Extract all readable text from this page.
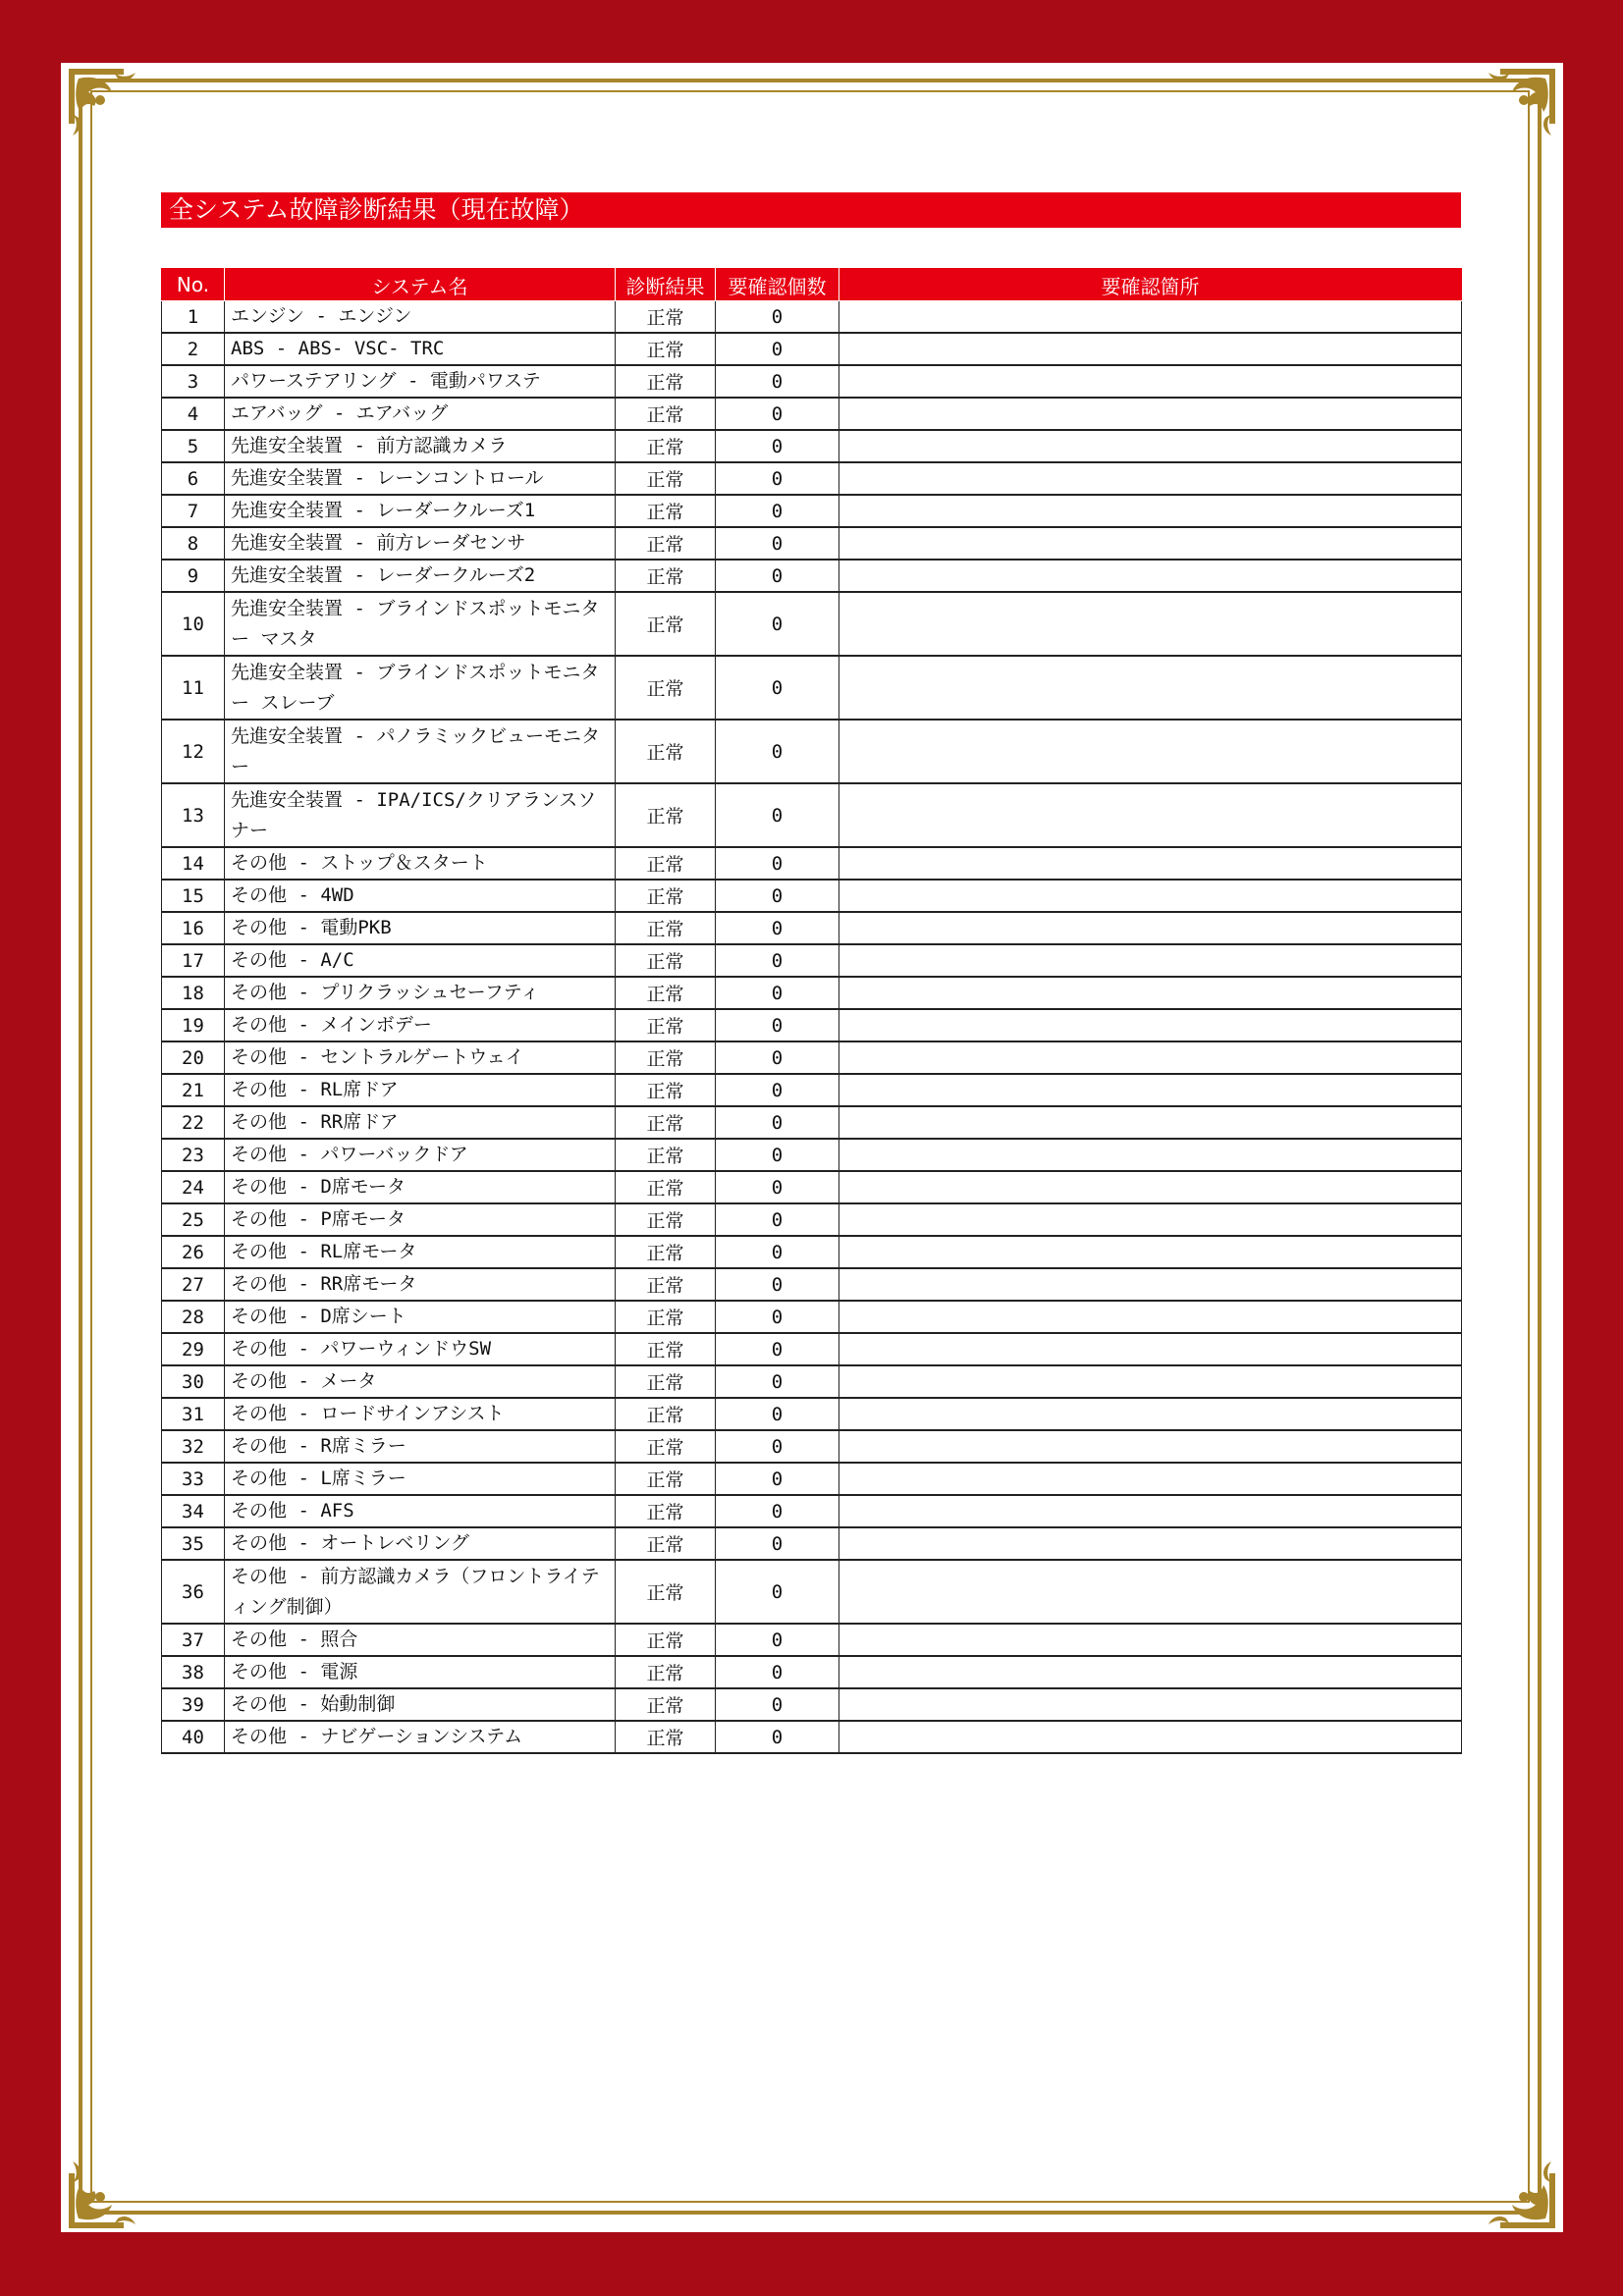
全システム故障診断結果（現在故障）
No.	システム名	診断結果	要確認個数	要確認箇所
1	エンジン - エンジン	正常	0	
2	ABS - ABS- VSC- TRC	正常	0	
3	パワーステアリング - 電動パワステ	正常	0	
4	エアバッグ - エアバッグ	正常	0	
5	先進安全装置 - 前方認識カメラ	正常	0	
6	先進安全装置 - レーンコントロール	正常	0	
7	先進安全装置 - レーダークルーズ1	正常	0	
8	先進安全装置 - 前方レーダセンサ	正常	0	
9	先進安全装置 - レーダークルーズ2	正常	0	
10	先進安全装置 - ブラインドスポットモニター マスタ	正常	0	
11	先進安全装置 - ブラインドスポットモニター スレーブ	正常	0	
12	先進安全装置 - パノラミックビューモニター	正常	0	
13	先進安全装置 - IPA/ICS/クリアランスソナー	正常	0	
14	その他 - ストップ＆スタート	正常	0	
15	その他 - 4WD	正常	0	
16	その他 - 電動PKB	正常	0	
17	その他 - A/C	正常	0	
18	その他 - プリクラッシュセーフティ	正常	0	
19	その他 - メインボデー	正常	0	
20	その他 - セントラルゲートウェイ	正常	0	
21	その他 - RL席ドア	正常	0	
22	その他 - RR席ドア	正常	0	
23	その他 - パワーバックドア	正常	0	
24	その他 - D席モータ	正常	0	
25	その他 - P席モータ	正常	0	
26	その他 - RL席モータ	正常	0	
27	その他 - RR席モータ	正常	0	
28	その他 - D席シート	正常	0	
29	その他 - パワーウィンドウSW	正常	0	
30	その他 - メータ	正常	0	
31	その他 - ロードサインアシスト	正常	0	
32	その他 - R席ミラー	正常	0	
33	その他 - L席ミラー	正常	0	
34	その他 - AFS	正常	0	
35	その他 - オートレベリング	正常	0	
36	その他 - 前方認識カメラ（フロントライティング制御）	正常	0	
37	その他 - 照合	正常	0	
38	その他 - 電源	正常	0	
39	その他 - 始動制御	正常	0	
40	その他 - ナビゲーションシステム	正常	0	
